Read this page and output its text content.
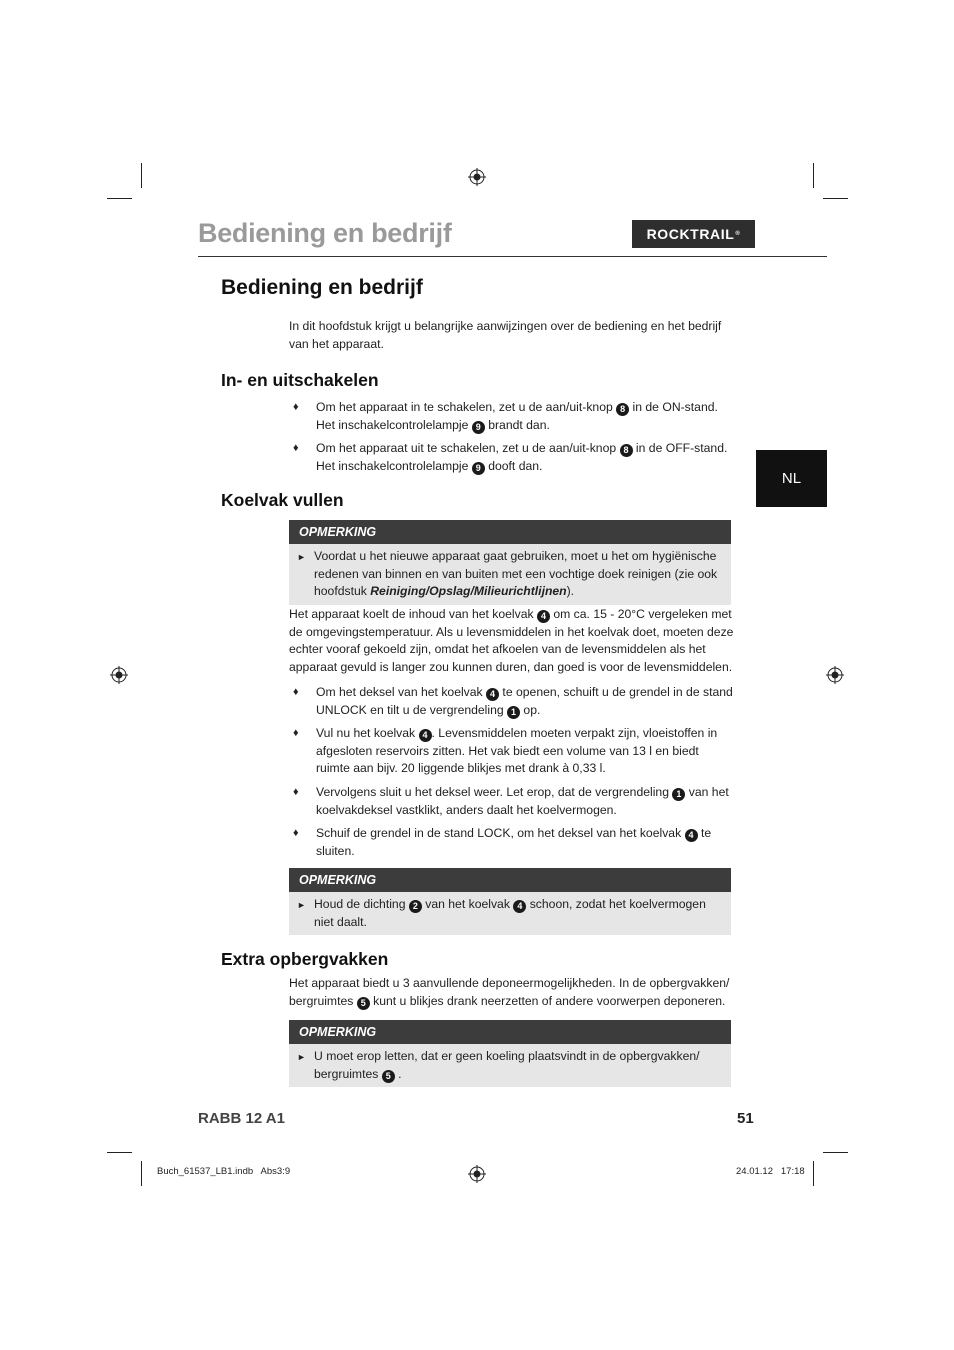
Bediening en bedrijf	ROCKTRAIL ®
NL
Bediening en bedrijf

In dit hoofdstuk krijgt u belangrijke aanwijzingen over de bediening en het bedrijf van het apparaat.

In- en uitschakelen
♦ Om het apparaat in te schakelen, zet u de aan/uit-knop 8 in de ON-stand. Het inschakelcontrolelampje 9 brandt dan.
♦ Om het apparaat uit te schakelen, zet u de aan/uit-knop 8 in de OFF-stand. Het inschakelcontrolelampje 9 dooft dan.
Koelvak vullen
OPMERKING
► Voordat u het nieuwe apparaat gaat gebruiken, moet u het om hygiënische redenen van binnen en van buiten met een vochtige doek reinigen (zie ook hoofdstuk Reiniging/Opslag/Milieurichtlijnen).

Het apparaat koelt de inhoud van het koelvak 4 om ca. 15 - 20°C vergeleken met de omgevingstemperatuur. Als u levensmiddelen in het koelvak doet, moeten deze echter vooraf gekoeld zijn, omdat het afkoelen van de levensmiddelen als het apparaat gevuld is langer zou kunnen duren, dan goed is voor de levensmiddelen.

♦ Om het deksel van het koelvak 4 te openen, schuift u de grendel in de stand UNLOCK en tilt u de vergrendeling 1 op.
♦ Vul nu het koelvak 4 . Levensmiddelen moeten verpakt zijn, vloeistoffen in afgesloten reservoirs zitten. Het vak biedt een volume van 13 l en biedt ruimte aan bijv. 20 liggende blikjes met drank à 0,33 l.
♦ Vervolgens sluit u het deksel weer. Let erop, dat de vergrendeling 1 van het koelvakdeksel vastklikt, anders daalt het koelvermogen.
♦ Schuif de grendel in de stand LOCK, om het deksel van het koelvak 4 te sluiten.
OPMERKING
► Houd de dichting 2 van het koelvak 4 schoon, zodat het koelvermogen niet daalt.
Extra opbergvakken

Het apparaat biedt u 3 aanvullende deponeermogelijkheden. In de opbergvakken/ bergruimtes 5 kunt u blikjes drank neerzetten of andere voorwerpen deponeren.

OPMERKING
► U moet erop letten, dat er geen koeling plaatsvindt in de opbergvakken/ bergruimtes 5 .
RABB 12 A1	51
Buch_61537_LB1.indb   Abs3:9	24.01.12   17:18
